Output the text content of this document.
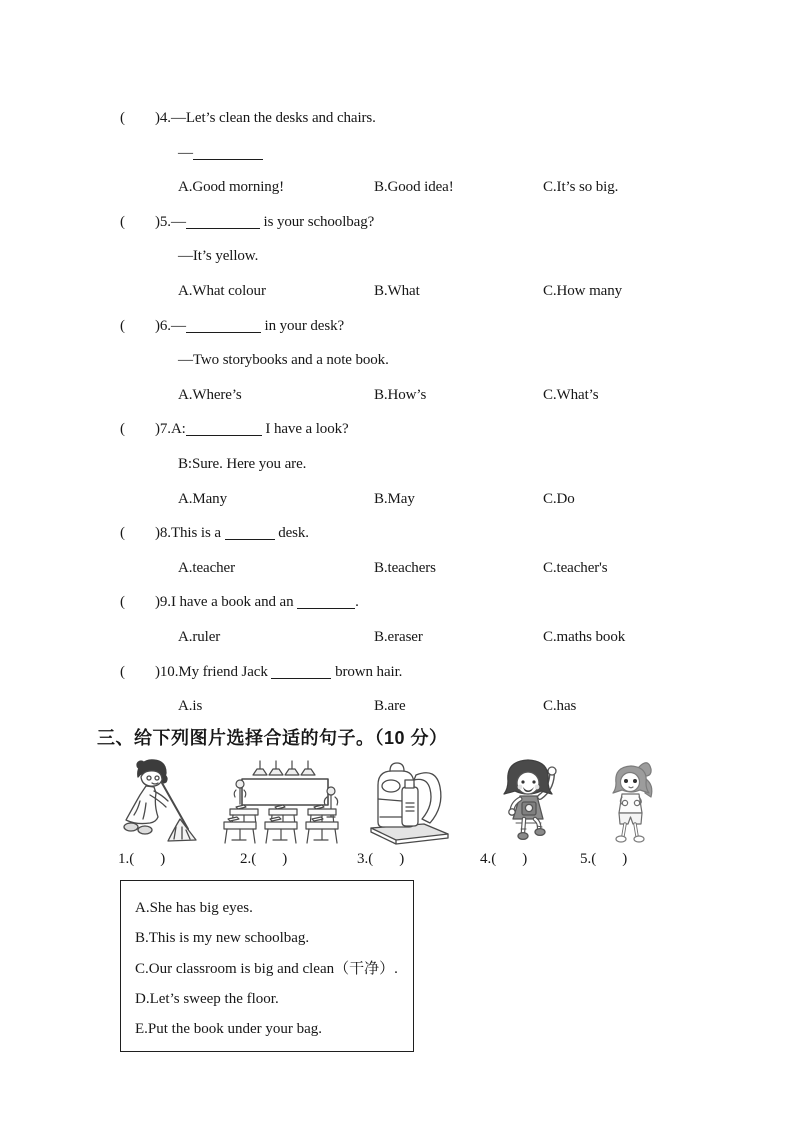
( )4.—Let’s clean the desks and chairs.
—
A.Good morning!	B.Good idea!	C.It’s so big.
( )5.—	is your schoolbag?
—It’s yellow.
A.What colour	B.What	C.How many
( )6.—	in your desk?
—Two storybooks and a note book.
A.Where’s	B.How’s	C.What’s
( )7.A:	I have a look?
B:Sure. Here you are.
A.Many	B.May	C.Do
( )8.This is a	desk.
A.teacher	B.teachers	C.teacher's
( )9.I have a book and an	.
A.ruler	B.eraser	C.maths book
( )10.My friend Jack	brown hair.
A.is	B.are	C.has
三、给下列图片选择合适的句子。（10 分）
1.( )	2.( )	3.( )	4.( )	5.( )
A.She has big eyes.
B.This is my new schoolbag.
C.Our classroom is big and clean（干净）.
D.Let’s sweep the floor.
E.Put the book under your bag.
